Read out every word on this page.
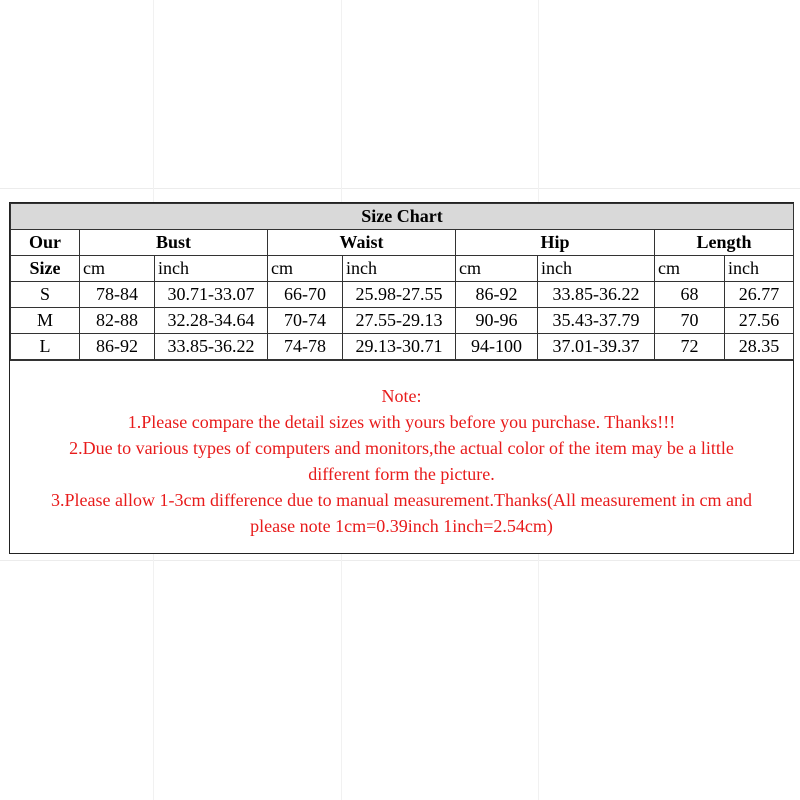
Size Chart								
Our	Bust		Waist		Hip		Length	
Size	cm	inch	cm	inch	cm	inch	cm	inch
S	78-84	30.71-33.07	66-70	25.98-27.55	86-92	33.85-36.22	68	26.77
M	82-88	32.28-34.64	70-74	27.55-29.13	90-96	35.43-37.79	70	27.56
L	86-92	33.85-36.22	74-78	29.13-30.71	94-100	37.01-39.37	72	28.35

Note:

1.Please compare the detail sizes with yours before you purchase. Thanks!!!

2.Due to various types of computers and monitors,the actual color of the item may be a little

different form the picture.

3.Please allow 1-3cm difference due to manual measurement.Thanks(All measurement in cm and

please note 1cm=0.39inch 1inch=2.54cm)
